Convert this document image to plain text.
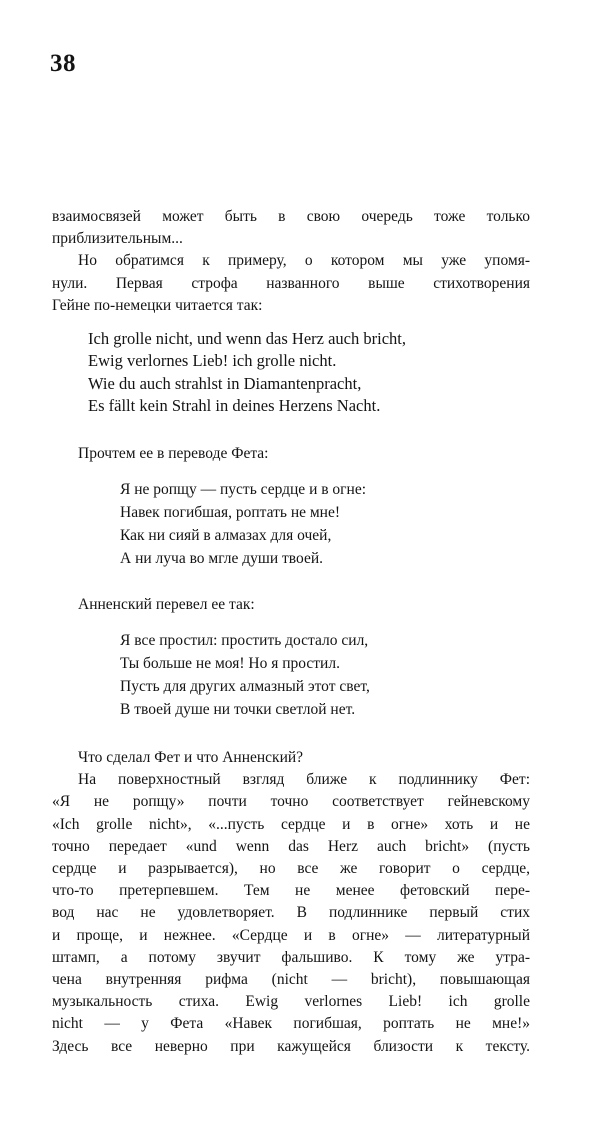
38

взаимосвязей может быть в свою очередь тоже только
приблизительным...

Но обратимся к примеру, о котором мы уже упомя-
нули. Первая строфа названного выше стихотворения
Гейне по-немецки читается так:

Ich grolle nicht, und wenn das Herz auch bricht,
Ewig verlornes Lieb! ich grolle nicht.
Wie du auch strahlst in Diamantenpracht,
Es fällt kein Strahl in deines Herzens Nacht.
Прочтем ее в переводе Фета:
Я не ропщу — пусть сердце и в огне:
Навек погибшая, роптать не мне!
Как ни сияй в алмазах для очей,
А ни луча во мгле души твоей.
Анненский перевел ее так:
Я все простил: простить достало сил,
Ты больше не моя! Но я простил.
Пусть для других алмазный этот свет,
В твоей душе ни точки светлой нет.
Что сделал Фет и что Анненский?

На поверхностный взгляд ближе к подлиннику Фет:
«Я не ропщу» почти точно соответствует гейневскому
«Ich grolle nicht», «...пусть сердце и в огне» хоть и не
точно передает «und wenn das Herz auch bricht» (пусть
сердце и разрывается), но все же говорит о сердце,
что-то претерпевшем. Тем не менее фетовский пере-
вод нас не удовлетворяет. В подлиннике первый стих
и проще, и нежнее. «Сердце и в огне» — литературный
штамп, а потому звучит фальшиво. К тому же утра-
чена внутренняя рифма (nicht — bricht), повышающая
музыкальность стиха. Ewig verlornes Lieb! ich grolle
nicht — у Фета «Навек погибшая, роптать не мне!»
Здесь все неверно при кажущейся близости к тексту.
